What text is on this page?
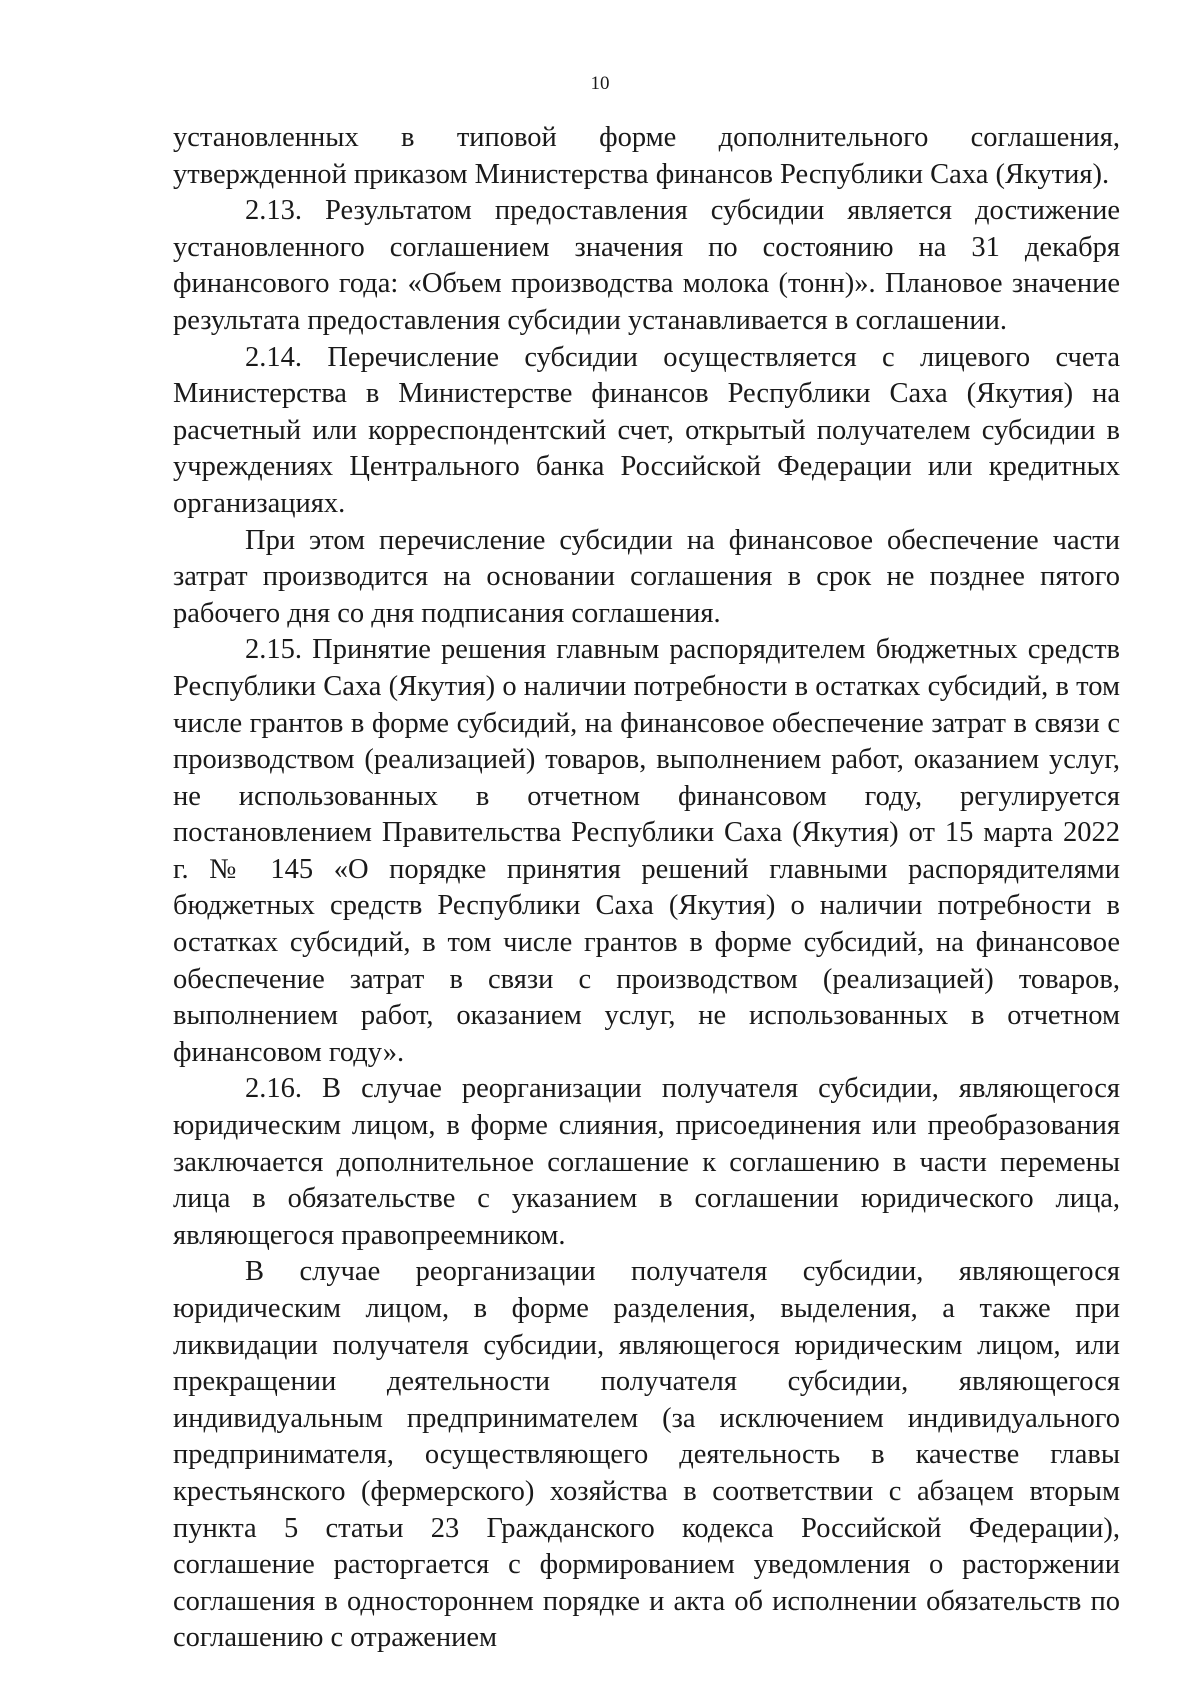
10

установленных в типовой форме дополнительного соглашения, утвержденной приказом Министерства финансов Республики Саха (Якутия).

2.13. Результатом предоставления субсидии является достижение установленного соглашением значения по состоянию на 31 декабря финансового года: «Объем производства молока (тонн)». Плановое значение результата предоставления субсидии устанавливается в соглашении.

2.14. Перечисление субсидии осуществляется с лицевого счета Министерства в Министерстве финансов Республики Саха (Якутия) на расчетный или корреспондентский счет, открытый получателем субсидии в учреждениях Центрального банка Российской Федерации или кредитных организациях.

При этом перечисление субсидии на финансовое обеспечение части затрат производится на основании соглашения в срок не позднее пятого рабочего дня со дня подписания соглашения.

2.15. Принятие решения главным распорядителем бюджетных средств Республики Саха (Якутия) о наличии потребности в остатках субсидий, в том числе грантов в форме субсидий, на финансовое обеспечение затрат в связи с производством (реализацией) товаров, выполнением работ, оказанием услуг, не использованных в отчетном финансовом году, регулируется постановлением Правительства Республики Саха (Якутия) от 15 марта 2022 г. № 145 «О порядке принятия решений главными распорядителями бюджетных средств Республики Саха (Якутия) о наличии потребности в остатках субсидий, в том числе грантов в форме субсидий, на финансовое обеспечение затрат в связи с производством (реализацией) товаров, выполнением работ, оказанием услуг, не использованных в отчетном финансовом году».

2.16. В случае реорганизации получателя субсидии, являющегося юридическим лицом, в форме слияния, присоединения или преобразования заключается дополнительное соглашение к соглашению в части перемены лица в обязательстве с указанием в соглашении юридического лица, являющегося правопреемником.

В случае реорганизации получателя субсидии, являющегося юридическим лицом, в форме разделения, выделения, а также при ликвидации получателя субсидии, являющегося юридическим лицом, или прекращении деятельности получателя субсидии, являющегося индивидуальным предпринимателем (за исключением индивидуального предпринимателя, осуществляющего деятельность в качестве главы крестьянского (фермерского) хозяйства в соответствии с абзацем вторым пункта 5 статьи 23 Гражданского кодекса Российской Федерации), соглашение расторгается с формированием уведомления о расторжении соглашения в одностороннем порядке и акта об исполнении обязательств по соглашению с отражением
